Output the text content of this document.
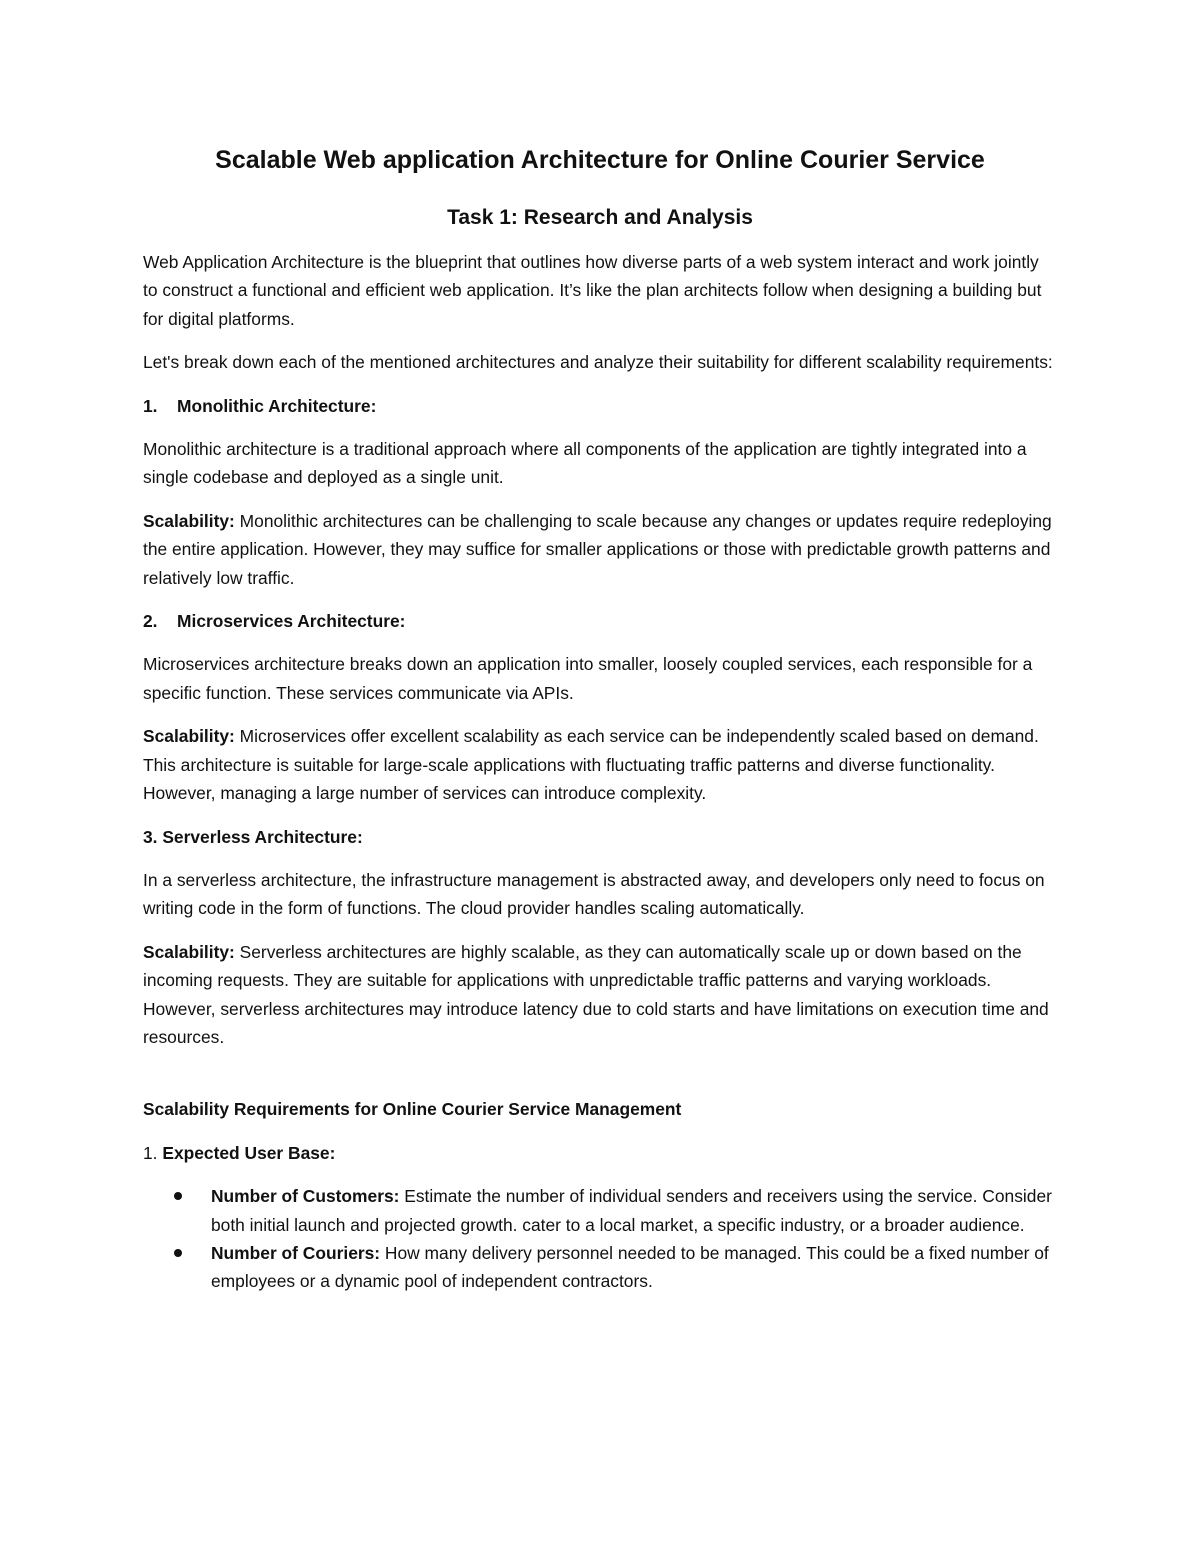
Scalable Web application Architecture for Online Courier Service
Task 1: Research and Analysis

Web Application Architecture is the blueprint that outlines how diverse parts of a web system interact and work jointly to construct a functional and efficient web application. It’s like the plan architects follow when designing a building but for digital platforms.

Let's break down each of the mentioned architectures and analyze their suitability for different scalability requirements:

1.	Monolithic Architecture:

Monolithic architecture is a traditional approach where all components of the application are tightly integrated into a single codebase and deployed as a single unit.

Scalability: Monolithic architectures can be challenging to scale because any changes or updates require redeploying the entire application. However, they may suffice for smaller applications or those with predictable growth patterns and relatively low traffic.

2.	Microservices Architecture:

Microservices architecture breaks down an application into smaller, loosely coupled services, each responsible for a specific function. These services communicate via APIs.

Scalability: Microservices offer excellent scalability as each service can be independently scaled based on demand. This architecture is suitable for large-scale applications with fluctuating traffic patterns and diverse functionality. However, managing a large number of services can introduce complexity.

3. Serverless Architecture:

In a serverless architecture, the infrastructure management is abstracted away, and developers only need to focus on writing code in the form of functions. The cloud provider handles scaling automatically.

Scalability: Serverless architectures are highly scalable, as they can automatically scale up or down based on the incoming requests. They are suitable for applications with unpredictable traffic patterns and varying workloads. However, serverless architectures may introduce latency due to cold starts and have limitations on execution time and resources.

Scalability Requirements for Online Courier Service Management

1. Expected User Base:

Number of Customers: Estimate the number of individual senders and receivers using the service. Consider both initial launch and projected growth. cater to a local market, a specific industry, or a broader audience.
Number of Couriers: How many delivery personnel needed to be managed. This could be a fixed number of employees or a dynamic pool of independent contractors.
